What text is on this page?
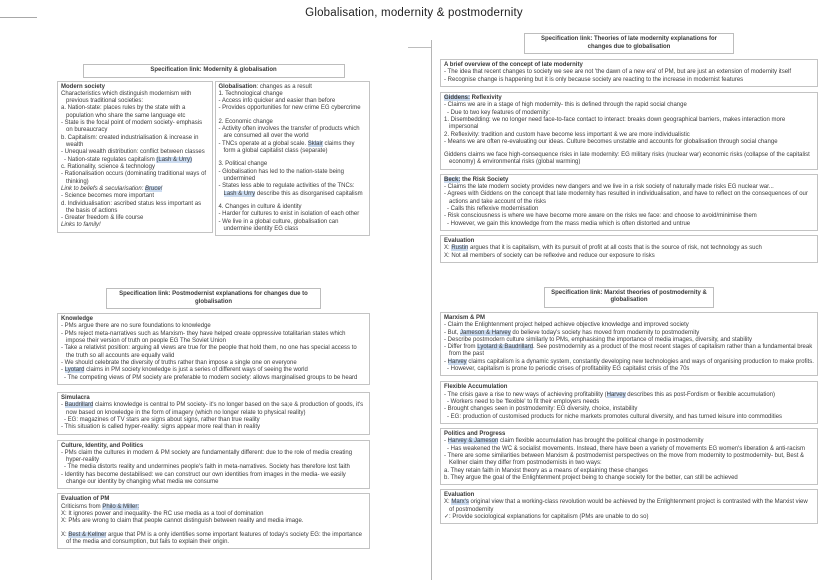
Globalisation, modernity & postmodernity
Specification link: Modernity & globalisation
Modern society
Characteristics which distinguish modernism with previous traditional societies:
a. Nation-state: places rules by the state with a population who share the same language etc
- State is the focal point of modern society- emphasis on bureaucracy
b. Capitalism: created industrialisation & increase in wealth
- Unequal wealth distribution: conflict between classes
- Nation-state regulates capitalism (Lash & Urry)
c. Rationality, science & technology
- Rationalisation occurs (dominating traditional ways of thinking)
Link to beliefs & secularisation: Bruce!
- Science becomes more important
d. Individualisation: ascribed status less important as the basis of actions
- Greater freedom & life course
Links to family!
Globalisation: changes as a result
1. Technological change
- Access info quicker and easier than before
- Provides opportunities for new crime EG cybercrime
2. Economic change
- Activity often involves the transfer of products which are consumed all over the world
- TNCs operate at a global scale. Sklair claims they form a global capitalist class (separate)
3. Political change
- Globalisation has led to the nation-state being undermined
- States less able to regulate activities of the TNCs: Lash & Urry describe this as disorganised capitalism
4. Changes in culture & identity
- Harder for cultures to exist in isolation of each other
- We live in a global culture, globalisation can undermine identity EG class
Specification link: Postmodernist explanations for changes due to globalisation
Knowledge
- PMs argue there are no sure foundations to knowledge
- PMs reject meta-narratives such as Marxism- they have helped create oppressive totalitarian states which impose their version of truth on people EG The Soviet Union
- Take a relativist position: arguing all views are true for the people that hold them, no one has special access to the truth so all accounts are equally valid
- We should celebrate the diversity of truths rather than impose a single one on everyone
- Lyotard claims in PM society knowledge is just a series of different ways of seeing the world
- The competing views of PM society are preferable to modern society: allows marginalised groups to be heard
Simulacra
- Baudrillard claims knowledge is central to PM society- it's no longer based on the sa;e & production of goods, it's now based on knowledge in the form of imagery (which no longer relate to physical reality)
- EG: magazines of TV stars are signs about signs, rather than true reality
- This situation is called hyper-reality: signs appear more real than in reality
Culture, Identity, and Politics
- PMs claim the cultures in modern & PM society are fundamentally different: due to the role of media creating hyper-reality
- The media distorts reality and undermines people's faith in meta-narratives. Society has therefore lost faith
- Identity has become destabilised: we can construct our own identities from images in the media- we easily change our identity by changing what media we consume
Evaluation of PM
Criticisms from Philo & Miller:
X: It ignores power and inequality- the RC use media as a tool of domination
X: PMs are wrong to claim that people cannot distinguish between reality and media image.
X: Best & Kellner argue that PM is a only identifies some important features of today's society EG: the importance of the media and consumption, but fails to explain their origin.
Specification link: Theories of late modernity explanations for changes due to globalisation
A brief overview of the concept of late modernity
- The idea that recent changes to society we see are not 'the dawn of a new era' of PM, but are just an extension of modernity itself
- Recognise change is happening but it is only because society are reacting to the increase in modernist features
Giddens: Reflexivity
- Claims we are in a stage of high modernity- this is defined through the rapid social change
- Due to two key features of modernity:
1. Disembedding: we no longer need face-to-face contact to interact: breaks down geographical barriers, makes interaction more impersonal
2. Reflexivity: tradition and custom have become less important & we are more individualistic
- Means we are often re-evaluating our ideas. Culture becomes unstable and accounts for globalisation through social change
Giddens claims we face high-consequence risks in late modernity: EG military risks (nuclear war) economic risks (collapse of the capitalist economy) & environmental risks (global warming)
Beck: the Risk Society
- Claims the late modern society provides new dangers and we live in a risk society of naturally made risks EG nuclear war...
- Agrees with Giddens on the concept that late modernity has resulted in individualisation, and have to reflect on the consequences of our actions and take account of the risks
- Calls this reflexive modernisation
- Risk consciousness is where we have become more aware on the risks we face: and choose to avoid/minimise them
- However, we gain this knowledge from the mass media which is often distorted and untrue
Evaluation
X: Rustin argues that it is capitalism, with its pursuit of profit at all costs that is the source of risk, not technology as such
X: Not all members of society can be reflexive and reduce our exposure to risks
Specification link: Marxist theories of postmodernity & globalisation
Marxism & PM
- Claim the Enlightenment project helped achieve objective knowledge and improved society
- But, Jameson & Harvey do believe today's society has moved from modernity to postmodernity
- Describe postmodern culture similarly to PMs, emphasising the importance of media images, diversity, and stability
- Differ from Lyotard & Baudrillard. See postmodernity as a product of the most recent stages of capitalism rather than a fundamental break from the past
- Harvey claims capitalism is a dynamic system, constantly developing new technologies and ways of organising production to make profits.
- However, capitalism is prone to periodic crises of profitability EG capitalist crisis of the 70s
Flexible Accumulation
- The crisis gave a rise to new ways of achieving profitability (Harvey describes this as post-Fordism or flexible accumulation)
- Workers need to be 'flexible' to fit their employers needs
- Brought changes seen in postmodernity: EG diversity, choice, instability
- EG: production of customised products for niche markets promotes cultural diversity, and has turned leisure into commodities
Politics and Progress
- Harvey & Jameson claim flexible accumulation has brought the political change in postmodernity
- Has weakened the WC & socialist movements. Instead, there have been a variety of movements EG women's liberation & anti-racism
- There are some similarities between Marxism & postmodernist perspectives on the move from modernity to postmodernity- but, Best & Kellner claim they differ from postmodernists in two ways:
a. They retain faith in Marxist theory as a means of explaining these changes
b. They argue the goal of the Enlightenment project being to change society for the better, can still be achieved
Evaluation
X: Marx's original view that a working-class revolution would be achieved by the Enlightenment project is contrasted with the Marxist view of postmodernity
✓: Provide sociological explanations for capitalism (PMs are unable to do so)
